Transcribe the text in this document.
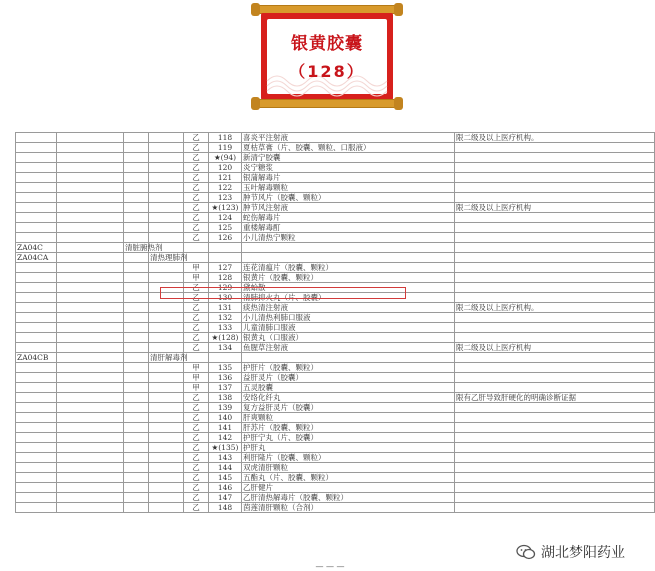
银黄胶囊
（128）
				乙	118	喜炎平注射液	限二级及以上医疗机构。
				乙	119	夏枯草膏（片、胶囊、颗粒、口服液）	
				乙	★(94)	新清宁胶囊	
				乙	120	炎宁糖浆	
				乙	121	银蒲解毒片	
				乙	122	玉叶解毒颗粒	
				乙	123	肿节风片（胶囊、颗粒）	
				乙	★(123)	肿节风注射液	限二级及以上医疗机构
				乙	124	蛇伤解毒片	
				乙	125	重楼解毒酊	
				乙	126	小儿清热宁颗粒	
ZA04C		清脏腑热剂					
ZA04CA			清热理肺剂				
				甲	127	连花清瘟片（胶囊、颗粒）	
				甲	128	银黄片（胶囊、颗粒）	
				乙	129	黛蛤散	
				乙	130	清肺抑火丸（片、胶囊）	
				乙	131	痰热清注射液	限二级及以上医疗机构。
				乙	132	小儿清热利肺口服液	
				乙	133	儿童清肺口服液	
				乙	★(128)	银黄丸（口服液）	
				乙	134	鱼腥草注射液	限二级及以上医疗机构
ZA04CB			清肝解毒剂				
				甲	135	护肝片（胶囊、颗粒）	
				甲	136	益肝灵片（胶囊）	
				甲	137	五灵胶囊	
				乙	138	安络化纤丸	限有乙肝导致肝硬化的明确诊断证据
				乙	139	复方益肝灵片（胶囊）	
				乙	140	肝爽颗粒	
				乙	141	肝苏片（胶囊、颗粒）	
				乙	142	护肝宁丸（片、胶囊）	
				乙	★(135)	护肝丸	
				乙	143	利肝隆片（胶囊、颗粒）	
				乙	144	双虎清肝颗粒	
				乙	145	五酯丸（片、胶囊、颗粒）	
				乙	146	乙肝健片	
				乙	147	乙肝清热解毒片（胶囊、颗粒）	
				乙	148	茵莲清肝颗粒（合剂）	
— — —
湖北梦阳药业
